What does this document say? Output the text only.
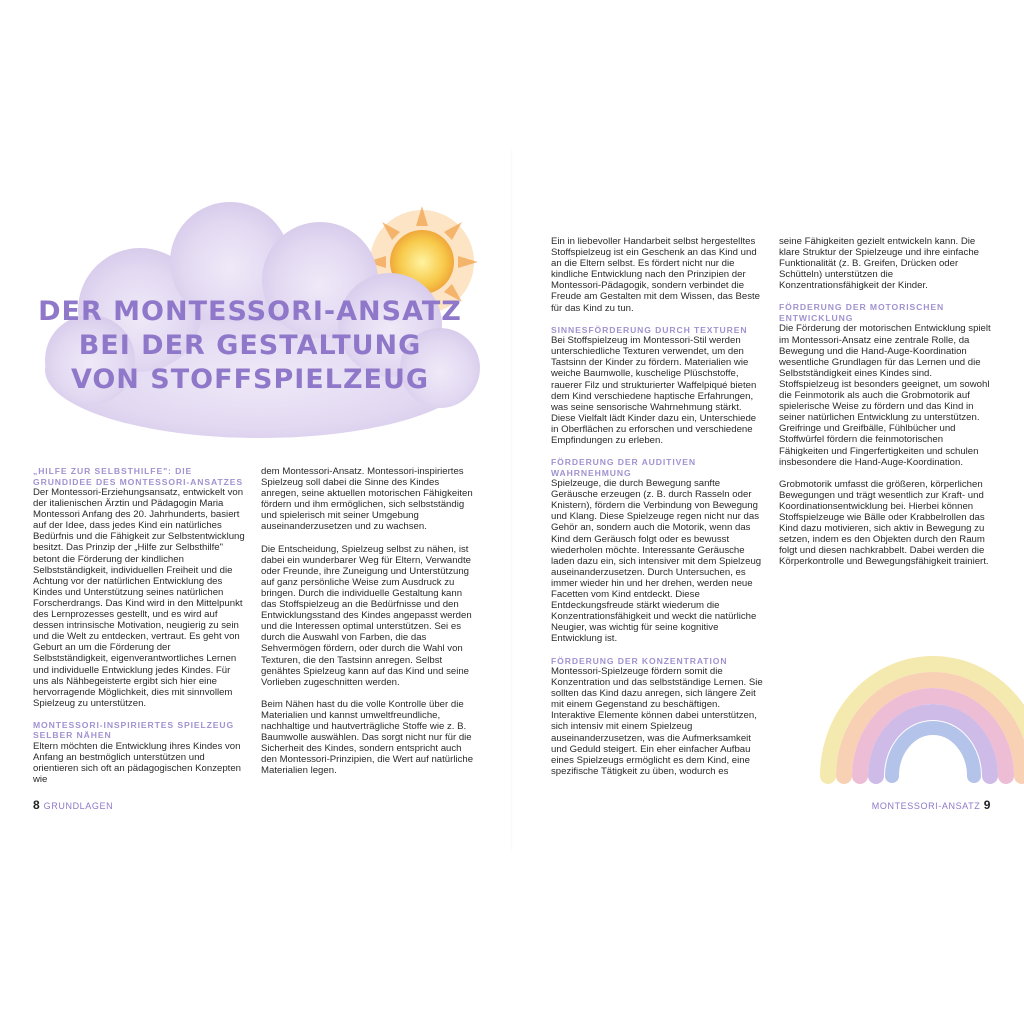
DER MONTESSORI-ANSATZ
BEI DER GESTALTUNG
VON STOFFSPIELZEUG

„HILFE ZUR SELBSTHILFE": DIE GRUNDIDEE DES MONTESSORI-ANSATZES

Der Montessori-Erziehungsansatz, entwickelt von der italienischen Ärztin und Pädagogin Maria Montessori Anfang des 20. Jahrhunderts, basiert auf der Idee, dass jedes Kind ein natürliches Bedürfnis und die Fähigkeit zur Selbstentwicklung besitzt. Das Prinzip der „Hilfe zur Selbsthilfe" betont die Förderung der kindlichen Selbstständigkeit, individuellen Freiheit und die Achtung vor der natürlichen Entwicklung des Kindes und Unterstützung seines natürlichen Forscherdrangs. Das Kind wird in den Mittelpunkt des Lernprozesses gestellt, und es wird auf dessen intrinsische Motivation, neugierig zu sein und die Welt zu entdecken, vertraut. Es geht von Geburt an um die Förderung der Selbstständigkeit, eigenverantwortliches Lernen und individuelle Entwicklung jedes Kindes. Für uns als Nähbegeisterte ergibt sich hier eine hervorragende Möglichkeit, dies mit sinnvollem Spielzeug zu unterstützen.

MONTESSORI-INSPIRIERTES SPIELZEUG SELBER NÄHEN

Eltern möchten die Entwicklung ihres Kindes von Anfang an bestmöglich unterstützen und orientieren sich oft an pädagogischen Konzepten wie

dem Montessori-Ansatz. Montessori-inspiriertes Spielzeug soll dabei die Sinne des Kindes anregen, seine aktuellen motorischen Fähigkeiten fördern und ihm ermöglichen, sich selbstständig und spielerisch mit seiner Umgebung auseinanderzusetzen und zu wachsen.

Die Entscheidung, Spielzeug selbst zu nähen, ist dabei ein wunderbarer Weg für Eltern, Verwandte oder Freunde, ihre Zuneigung und Unterstützung auf ganz persönliche Weise zum Ausdruck zu bringen. Durch die individuelle Gestaltung kann das Stoffspielzeug an die Bedürfnisse und den Entwicklungsstand des Kindes angepasst werden und die Interessen optimal unterstützen. Sei es durch die Auswahl von Farben, die das Sehvermögen fördern, oder durch die Wahl von Texturen, die den Tastsinn anregen. Selbst genähtes Spielzeug kann auf das Kind und seine Vorlieben zugeschnitten werden.

Beim Nähen hast du die volle Kontrolle über die Materialien und kannst umweltfreundliche, nachhaltige und hautverträgliche Stoffe wie z. B. Baumwolle auswählen. Das sorgt nicht nur für die Sicherheit des Kindes, sondern entspricht auch den Montessori-Prinzipien, die Wert auf natürliche Materialien legen.

Ein in liebevoller Handarbeit selbst hergestelltes Stoffspielzeug ist ein Geschenk an das Kind und an die Eltern selbst. Es fördert nicht nur die kindliche Entwicklung nach den Prinzipien der Montessori-Pädagogik, sondern verbindet die Freude am Gestalten mit dem Wissen, das Beste für das Kind zu tun.

SINNESFÖRDERUNG DURCH TEXTUREN

Bei Stoffspielzeug im Montessori-Stil werden unterschiedliche Texturen verwendet, um den Tastsinn der Kinder zu fördern. Materialien wie weiche Baumwolle, kuschelige Plüschstoffe, rauerer Filz und strukturierter Waffelpiqué bieten dem Kind verschiedene haptische Erfahrungen, was seine sensorische Wahrnehmung stärkt. Diese Vielfalt lädt Kinder dazu ein, Unterschiede in Oberflächen zu erforschen und verschiedene Empfindungen zu erleben.

FÖRDERUNG DER AUDITIVEN WAHRNEHMUNG

Spielzeuge, die durch Bewegung sanfte Geräusche erzeugen (z. B. durch Rasseln oder Knistern), fördern die Verbindung von Bewegung und Klang. Diese Spielzeuge regen nicht nur das Gehör an, sondern auch die Motorik, wenn das Kind dem Geräusch folgt oder es bewusst wiederholen möchte. Interessante Geräusche laden dazu ein, sich intensiver mit dem Spielzeug auseinanderzusetzen. Durch Untersuchen, es immer wieder hin und her drehen, werden neue Facetten vom Kind entdeckt. Diese Entdeckungsfreude stärkt wiederum die Konzentrationsfähigkeit und weckt die natürliche Neugier, was wichtig für seine kognitive Entwicklung ist.

FÖRDERUNG DER KONZENTRATION

Montessori-Spielzeuge fördern somit die Konzentration und das selbstständige Lernen. Sie sollten das Kind dazu anregen, sich längere Zeit mit einem Gegenstand zu beschäftigen. Interaktive Elemente können dabei unterstützen, sich intensiv mit einem Spielzeug auseinanderzusetzen, was die Aufmerksamkeit und Geduld steigert. Ein eher einfacher Aufbau eines Spielzeugs ermöglicht es dem Kind, eine spezifische Tätigkeit zu üben, wodurch es

seine Fähigkeiten gezielt entwickeln kann. Die klare Struktur der Spielzeuge und ihre einfache Funktionalität (z. B. Greifen, Drücken oder Schütteln) unterstützen die Konzentrationsfähigkeit der Kinder.

FÖRDERUNG DER MOTORISCHEN ENTWICKLUNG

Die Förderung der motorischen Entwicklung spielt im Montessori-Ansatz eine zentrale Rolle, da Bewegung und die Hand-Auge-Koordination wesentliche Grundlagen für das Lernen und die Selbstständigkeit eines Kindes sind. Stoffspielzeug ist besonders geeignet, um sowohl die Feinmotorik als auch die Grobmotorik auf spielerische Weise zu fördern und das Kind in seiner natürlichen Entwicklung zu unterstützen. Greifringe und Greifbälle, Fühlbücher und Stoffwürfel fördern die feinmotorischen Fähigkeiten und Fingerfertigkeiten und schulen insbesondere die Hand-Auge-Koordination.

Grobmotorik umfasst die größeren, körperlichen Bewegungen und trägt wesentlich zur Kraft- und Koordinationsentwicklung bei. Hierbei können Stoffspielzeuge wie Bälle oder Krabbelrollen das Kind dazu motivieren, sich aktiv in Bewegung zu setzen, indem es den Objekten durch den Raum folgt und diesen nachkrabbelt. Dabei werden die Körperkontrolle und Bewegungsfähigkeit trainiert.

8 GRUNDLAGEN	MONTESSORI-ANSATZ 9
